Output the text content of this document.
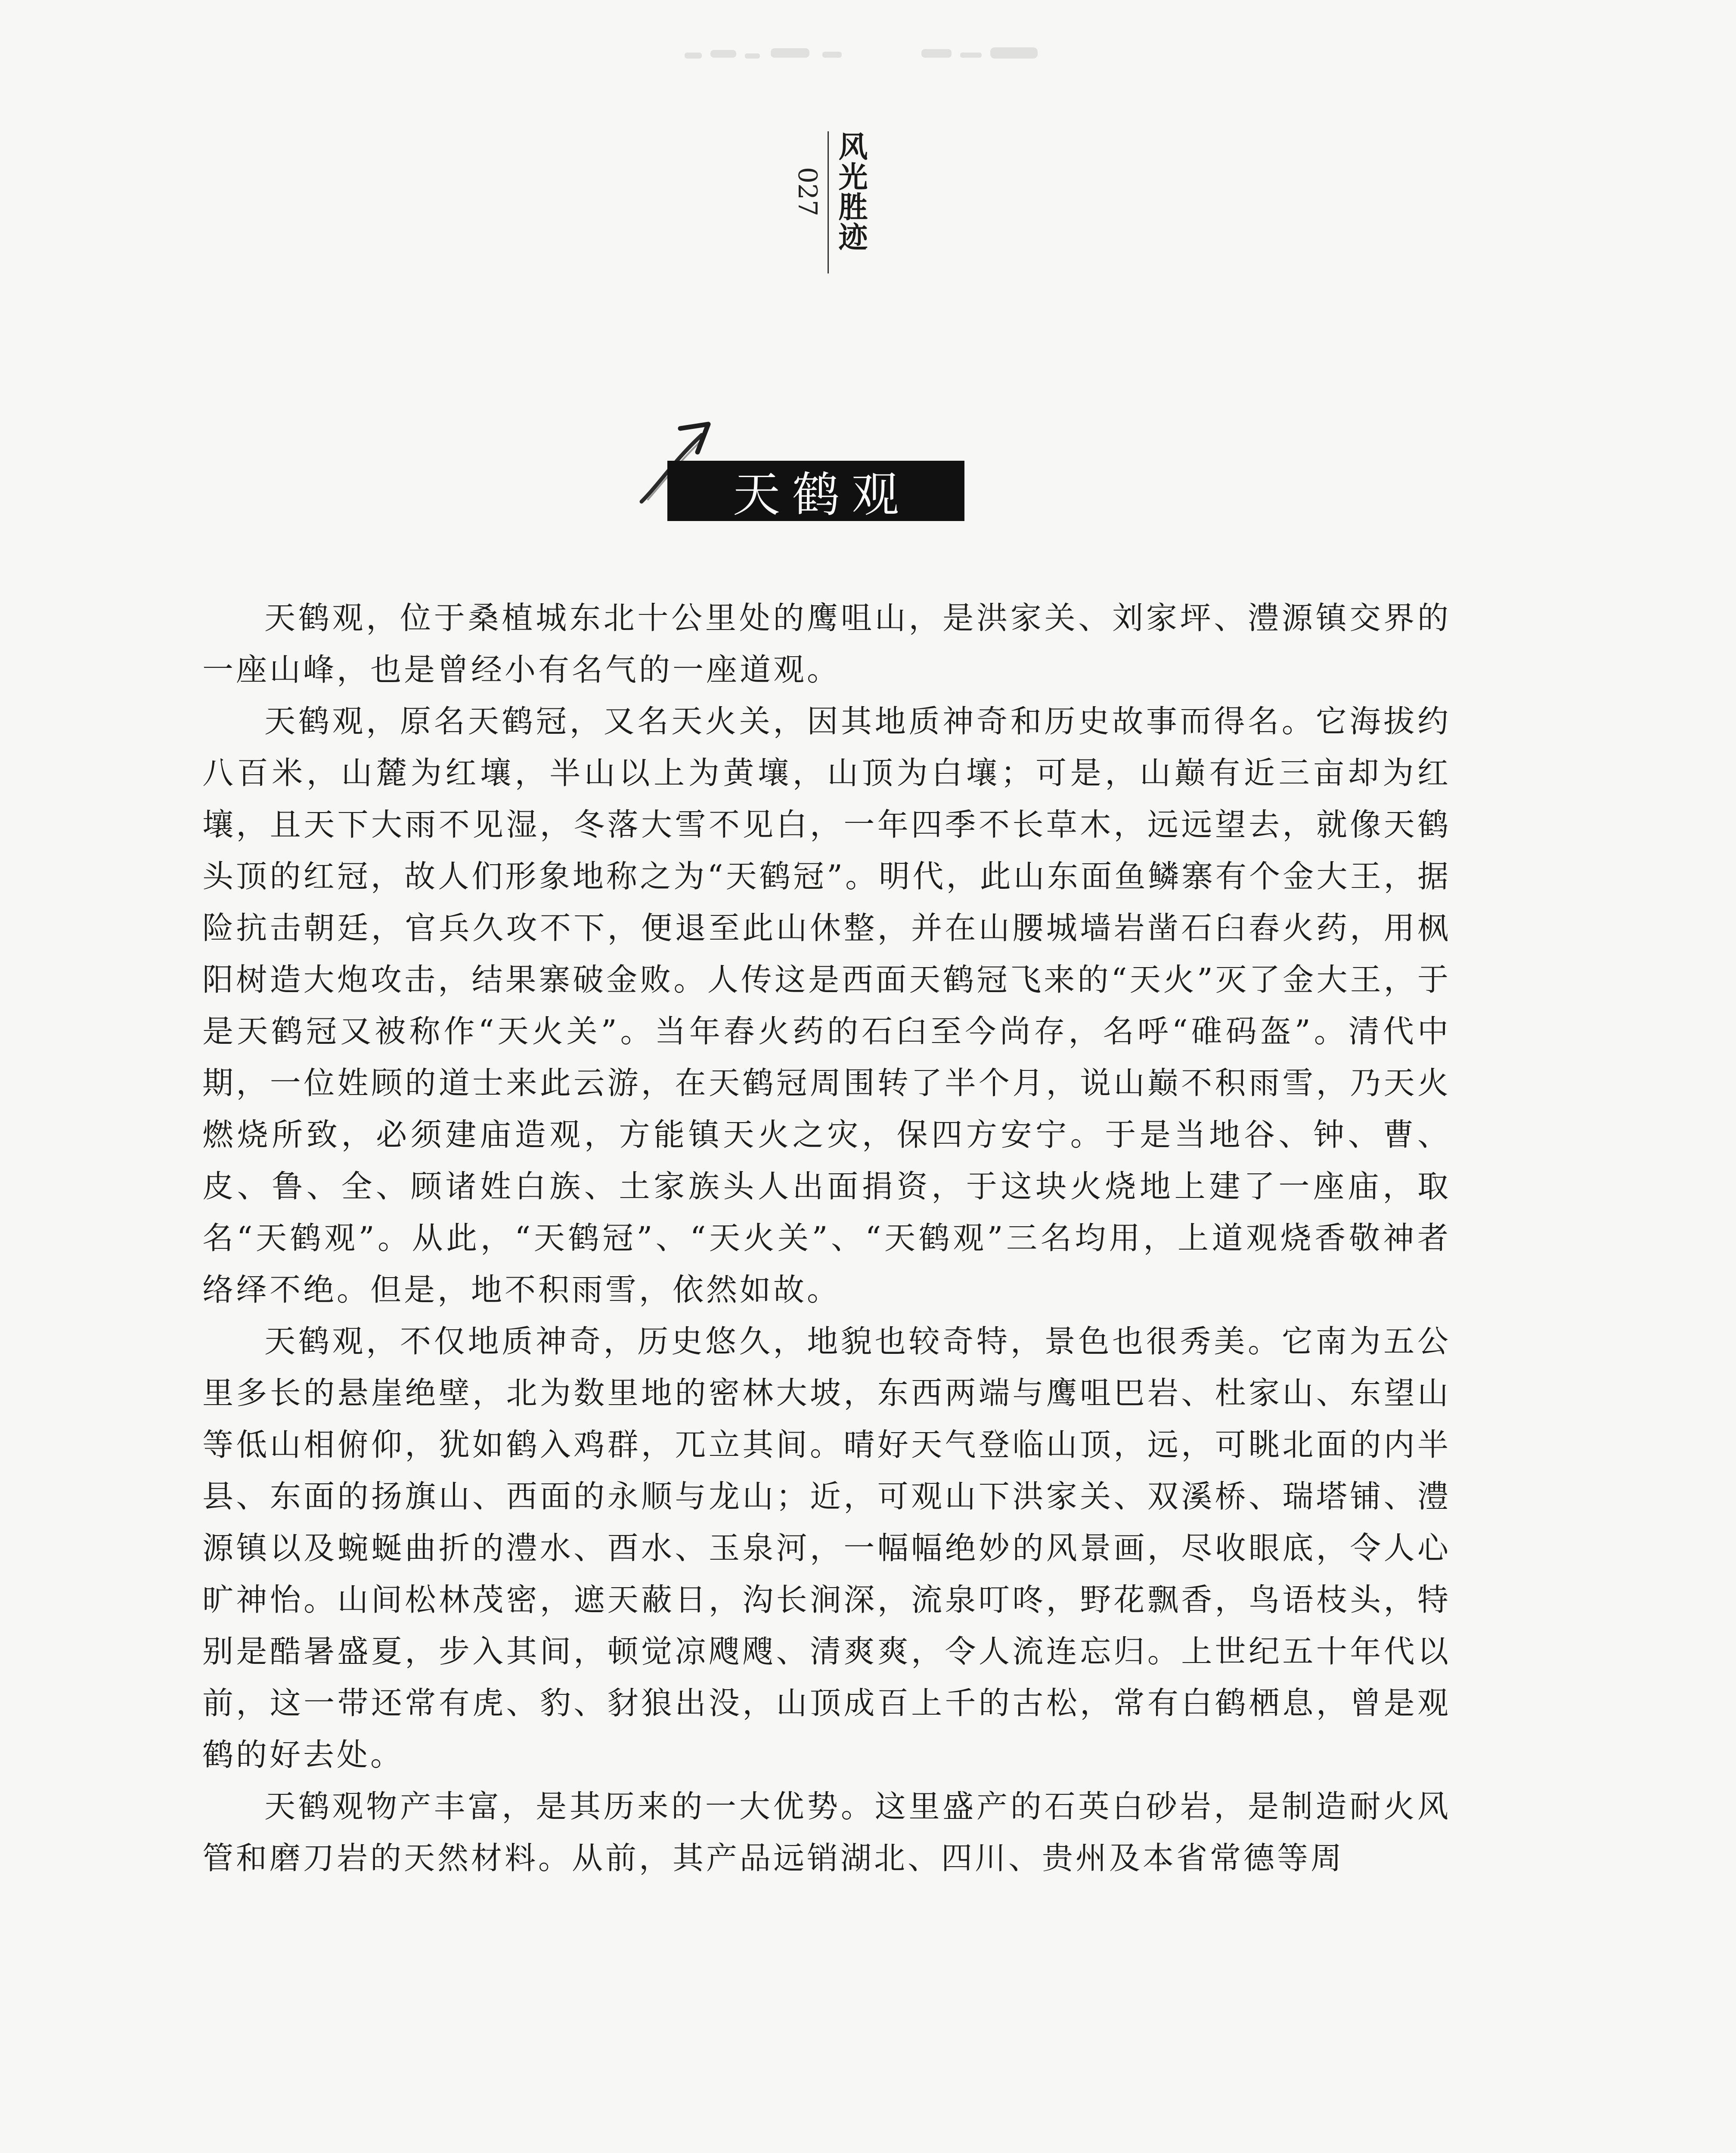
027 风光胜迹
天鹤观

天鹤观，位于桑植城东北十公里处的鹰咀山，是洪家关、刘家坪、澧源镇交界的一座山峰，也是曾经小有名气的一座道观。

天鹤观，原名天鹤冠，又名天火关，因其地质神奇和历史故事而得名。它海拔约八百米，山麓为红壤，半山以上为黄壤，山顶为白壤；可是，山巅有近三亩却为红壤，且天下大雨不见湿，冬落大雪不见白，一年四季不长草木，远远望去，就像天鹤头顶的红冠，故人们形象地称之为“天鹤冠”。明代，此山东面鱼鳞寨有个金大王，据险抗击朝廷，官兵久攻不下，便退至此山休整，并在山腰城墙岩凿石臼舂火药，用枫阳树造大炮攻击，结果寨破金败。人传这是西面天鹤冠飞来的“天火”灭了金大王，于是天鹤冠又被称作“天火关”。当年舂火药的石臼至今尚存，名呼“碓码盔”。清代中期，一位姓顾的道士来此云游，在天鹤冠周围转了半个月，说山巅不积雨雪，乃天火燃烧所致，必须建庙造观，方能镇天火之灾，保四方安宁。于是当地谷、钟、曹、皮、鲁、全、顾诸姓白族、土家族头人出面捐资，于这块火烧地上建了一座庙，取名“天鹤观”。从此，“天鹤冠”、“天火关”、“天鹤观”三名均用，上道观烧香敬神者络绎不绝。但是，地不积雨雪，依然如故。

天鹤观，不仅地质神奇，历史悠久，地貌也较奇特，景色也很秀美。它南为五公里多长的悬崖绝壁，北为数里地的密林大坡，东西两端与鹰咀巴岩、杜家山、东望山等低山相俯仰，犹如鹤入鸡群，兀立其间。晴好天气登临山顶，远，可眺北面的内半县、东面的扬旗山、西面的永顺与龙山；近，可观山下洪家关、双溪桥、瑞塔铺、澧源镇以及蜿蜒曲折的澧水、酉水、玉泉河，一幅幅绝妙的风景画，尽收眼底，令人心旷神怡。山间松林茂密，遮天蔽日，沟长涧深，流泉叮咚，野花飘香，鸟语枝头，特别是酷暑盛夏，步入其间，顿觉凉飕飕、清爽爽，令人流连忘归。上世纪五十年代以前，这一带还常有虎、豹、豺狼出没，山顶成百上千的古松，常有白鹤栖息，曾是观鹤的好去处。

天鹤观物产丰富，是其历来的一大优势。这里盛产的石英白砂岩，是制造耐火风管和磨刀岩的天然材料。从前，其产品远销湖北、四川、贵州及本省常德等周
